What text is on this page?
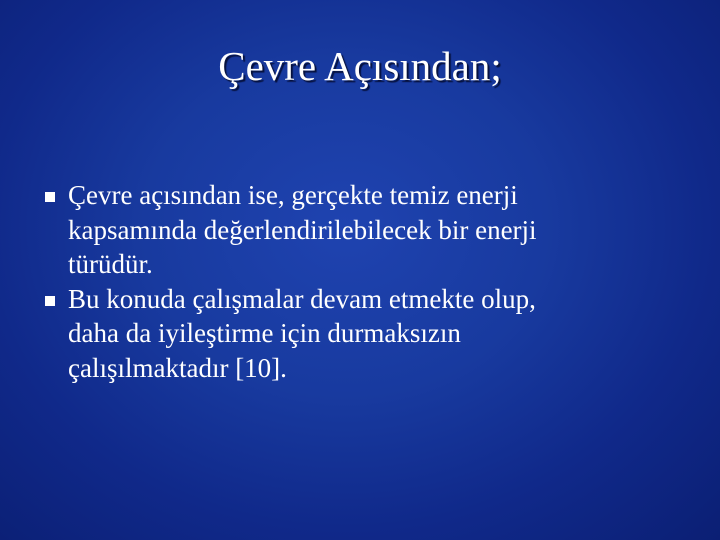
Çevre Açısından;
Çevre açısından ise, gerçekte temiz enerji
kapsamında değerlendirilebilecek bir enerji
türüdür.
Bu konuda çalışmalar devam etmekte olup,
daha da iyileştirme için durmaksızın
çalışılmaktadır [10].
